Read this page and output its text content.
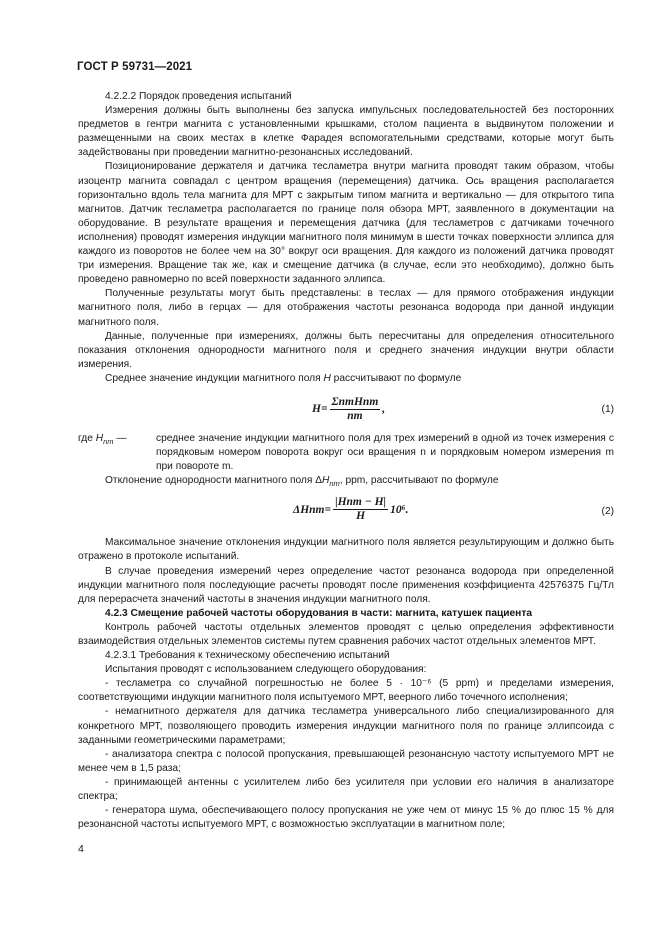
ГОСТ Р 59731—2021

4.2.2.2 Порядок проведения испытаний

Измерения должны быть выполнены без запуска импульсных последовательностей без посторонних предметов в гентри магнита с установленными крышками, столом пациента в выдвинутом положении и размещенными на своих местах в клетке Фарадея вспомогательными средствами, которые могут быть задействованы при проведении магнитно-резонансных исследований.

Позиционирование держателя и датчика тесламетра внутри магнита проводят таким образом, чтобы изоцентр магнита совпадал с центром вращения (перемещения) датчика. Ось вращения располагается горизонтально вдоль тела магнита для МРТ с закрытым типом магнита и вертикально — для открытого типа магнитов. Датчик тесламетра располагается по границе поля обзора МРТ, заявленного в документации на оборудование. В результате вращения и перемещения датчика (для тесламетров с датчиками точечного исполнения) проводят измерения индукции магнитного поля минимум в шести точках поверхности эллипса для каждого из поворотов не более чем на 30° вокруг оси вращения. Для каждого из положений датчика проводят три измерения. Вращение так же, как и смещение датчика (в случае, если это необходимо), должно быть проведено равномерно по всей поверхности заданного эллипса.

Полученные результаты могут быть представлены: в теслах — для прямого отображения индукции магнитного поля, либо в герцах — для отображения частоты резонанса водорода при данной индукции магнитного поля.

Данные, полученные при измерениях, должны быть пересчитаны для определения относительного показания отклонения однородности магнитного поля и среднего значения индукции внутри области измерения.

Среднее значение индукции магнитного поля H рассчитывают по формуле

$H = \frac{\text{ΣnmHnm}}{nm}$ ,	(1)
где $H_{nm}$ —	среднее значение индукции магнитного поля для трех измерений в одной из точек измерения с порядковым номером поворота вокруг оси вращения n и порядковым номером измерения m при повороте m.

Отклонение однородности магнитного поля $\Delta H_{nm}$, ppm, рассчитывают по формуле

$\Delta Hnm = \frac{\text{|Hnm − H|}}{H} 10^6$.	(2)

Максимальное значение отклонения индукции магнитного поля является результирующим и должно быть отражено в протоколе испытаний.

В случае проведения измерений через определение частот резонанса водорода при определенной индукции магнитного поля последующие расчеты проводят после применения коэффициента 42576375 Гц/Тл для перерасчета значений частоты в значения индукции магнитного поля.

4.2.3 Смещение рабочей частоты оборудования в части: магнита, катушек пациента

Контроль рабочей частоты отдельных элементов проводят с целью определения эффективности взаимодействия отдельных элементов системы путем сравнения рабочих частот отдельных элементов МРТ.

4.2.3.1 Требования к техническому обеспечению испытаний

Испытания проводят с использованием следующего оборудования:

- тесламетра со случайной погрешностью не более 5 · 10⁻⁶ (5 ppm) и пределами измерения, соответствующими индукции магнитного поля испытуемого МРТ, веерного либо точечного исполнения;

- немагнитного держателя для датчика тесламетра универсального либо специализированного для конкретного МРТ, позволяющего проводить измерения индукции магнитного поля по границе эллипсоида с заданными геометрическими параметрами;

- анализатора спектра с полосой пропускания, превышающей резонансную частоту испытуемого МРТ не менее чем в 1,5 раза;

- принимающей антенны с усилителем либо без усилителя при условии его наличия в анализаторе спектра;

- генератора шума, обеспечивающего полосу пропускания не уже чем от минус 15 % до плюс 15 % для резонансной частоты испытуемого МРТ, с возможностью эксплуатации в магнитном поле;

4
